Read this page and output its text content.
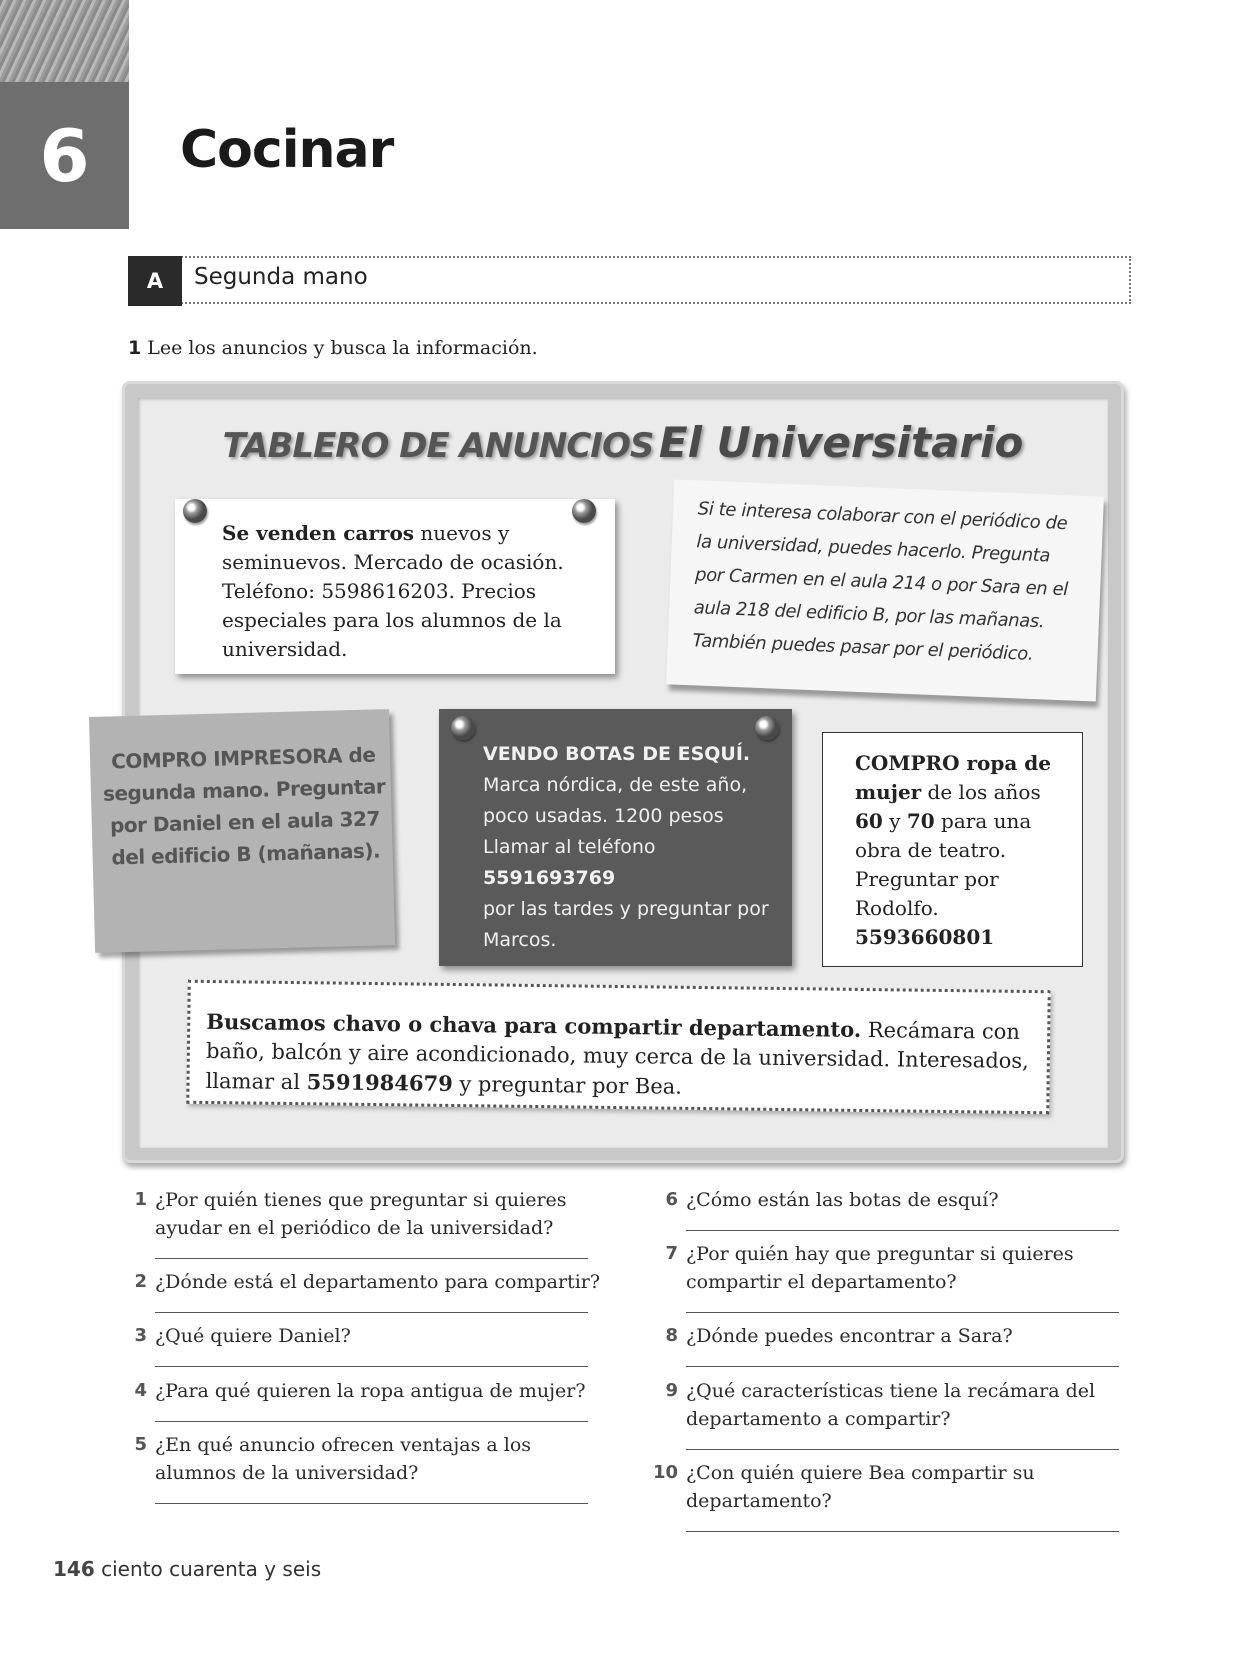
6	Cocinar
A	Segunda mano
1 Lee los anuncios y busca la información.
TABLERO DE ANUNCIOS El Universitario
Se venden carros nuevos y seminuevos. Mercado de ocasión. Teléfono: 5598616203. Precios especiales para los alumnos de la universidad.
Si te interesa colaborar con el periódico de la universidad, puedes hacerlo. Pregunta por Carmen en el aula 214 o por Sara en el aula 218 del edificio B, por las mañanas. También puedes pasar por el periódico.
COMPRO IMPRESORA de segunda mano. Preguntar por Daniel en el aula 327 del edificio B (mañanas).
VENDO BOTAS DE ESQUÍ.
Marca nórdica, de este año, poco usadas. 1200 pesos Llamar al teléfono
5591693769
por las tardes y preguntar por Marcos.
COMPRO ropa de mujer de los años 60 y 70 para una obra de teatro. Preguntar por Rodolfo.
5593660801
Buscamos chavo o chava para compartir departamento. Recámara con baño, balcón y aire acondicionado, muy cerca de la universidad. Interesados, llamar al 5591984679 y preguntar por Bea.
1 ¿Por quién tienes que preguntar si quieres ayudar en el periódico de la universidad?
2 ¿Dónde está el departamento para compartir?
3 ¿Qué quiere Daniel?
4 ¿Para qué quieren la ropa antigua de mujer?
5 ¿En qué anuncio ofrecen ventajas a los alumnos de la universidad?
6 ¿Cómo están las botas de esquí?
7 ¿Por quién hay que preguntar si quieres compartir el departamento?
8 ¿Dónde puedes encontrar a Sara?
9 ¿Qué características tiene la recámara del departamento a compartir?
10 ¿Con quién quiere Bea compartir su departamento?
146 ciento cuarenta y seis
